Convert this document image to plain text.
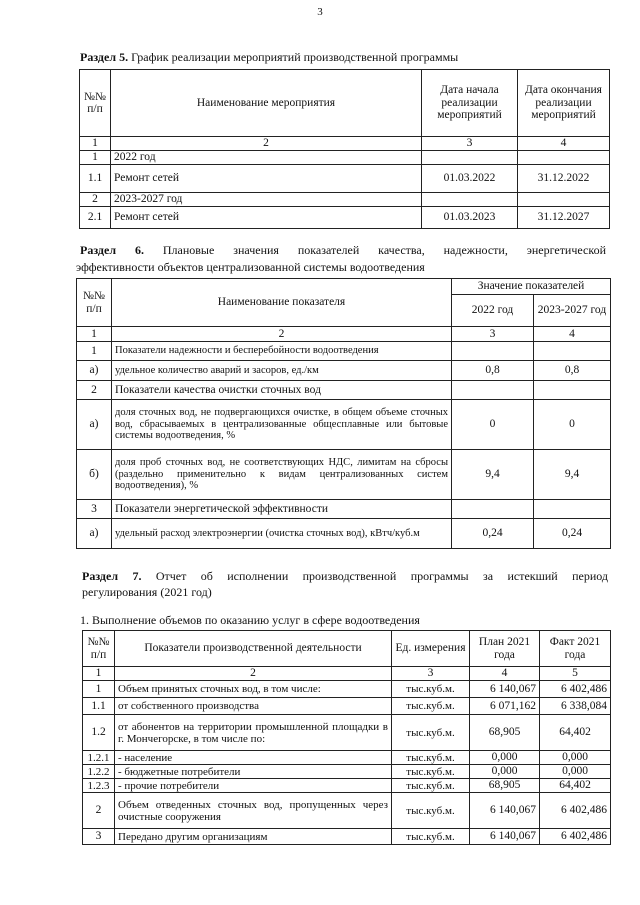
3
Раздел 5. График реализации мероприятий производственной программы
№№ п/п	Наименование мероприятия	Дата начала реализации мероприятий	Дата окончания реализации мероприятий
1	2	3	4
1	2022 год		
1.1	Ремонт сетей	01.03.2022	31.12.2022
2	2023-2027 год		
2.1	Ремонт сетей	01.03.2023	31.12.2027
Раздел 6. Плановые значения показателей качества, надежности, энергетической
эффективности объектов централизованной системы водоотведения
№№ п/п	Наименование показателя	Значение показателей	
		2022 год	2023-2027 год
1	2	3	4
1	Показатели надежности и бесперебойности водоотведения		
а)	удельное количество аварий и засоров, ед./км	0,8	0,8
2	Показатели качества очистки сточных вод		
а)	доля сточных вод, не подвергающихся очистке, в общем объеме сточных вод, сбрасываемых в централизованные общесплавные или бытовые системы водоотведения, %	0	0
б)	доля проб сточных вод, не соответствующих НДС, лимитам на сбросы (раздельно применительно к видам централизованных систем водоотведения), %	9,4	9,4
3	Показатели энергетической эффективности		
а)	удельный расход электроэнергии (очистка сточных вод), кВтч/куб.м	0,24	0,24
Раздел 7. Отчет об исполнении производственной программы за истекший период
регулирования (2021 год)
1. Выполнение объемов по оказанию услуг в сфере водоотведения
№№ п/п	Показатели производственной деятельности	Ед. измерения	План 2021 года	Факт 2021 года
1	2	3	4	5
1	Объем принятых сточных вод, в том числе:	тыс.куб.м.	6 140,067	6 402,486
1.1	от собственного производства	тыс.куб.м.	6 071,162	6 338,084
1.2	от абонентов на территории промышленной площадки в г. Мончегорске, в том числе по:	тыс.куб.м.	68,905	64,402
1.2.1	- население	тыс.куб.м.	0,000	0,000
1.2.2	- бюджетные потребители	тыс.куб.м.	0,000	0,000
1.2.3	- прочие потребители	тыс.куб.м.	68,905	64,402
2	Объем отведенных сточных вод, пропущенных через очистные сооружения	тыс.куб.м.	6 140,067	6 402,486
3	Передано другим организациям	тыс.куб.м.	6 140,067	6 402,486
